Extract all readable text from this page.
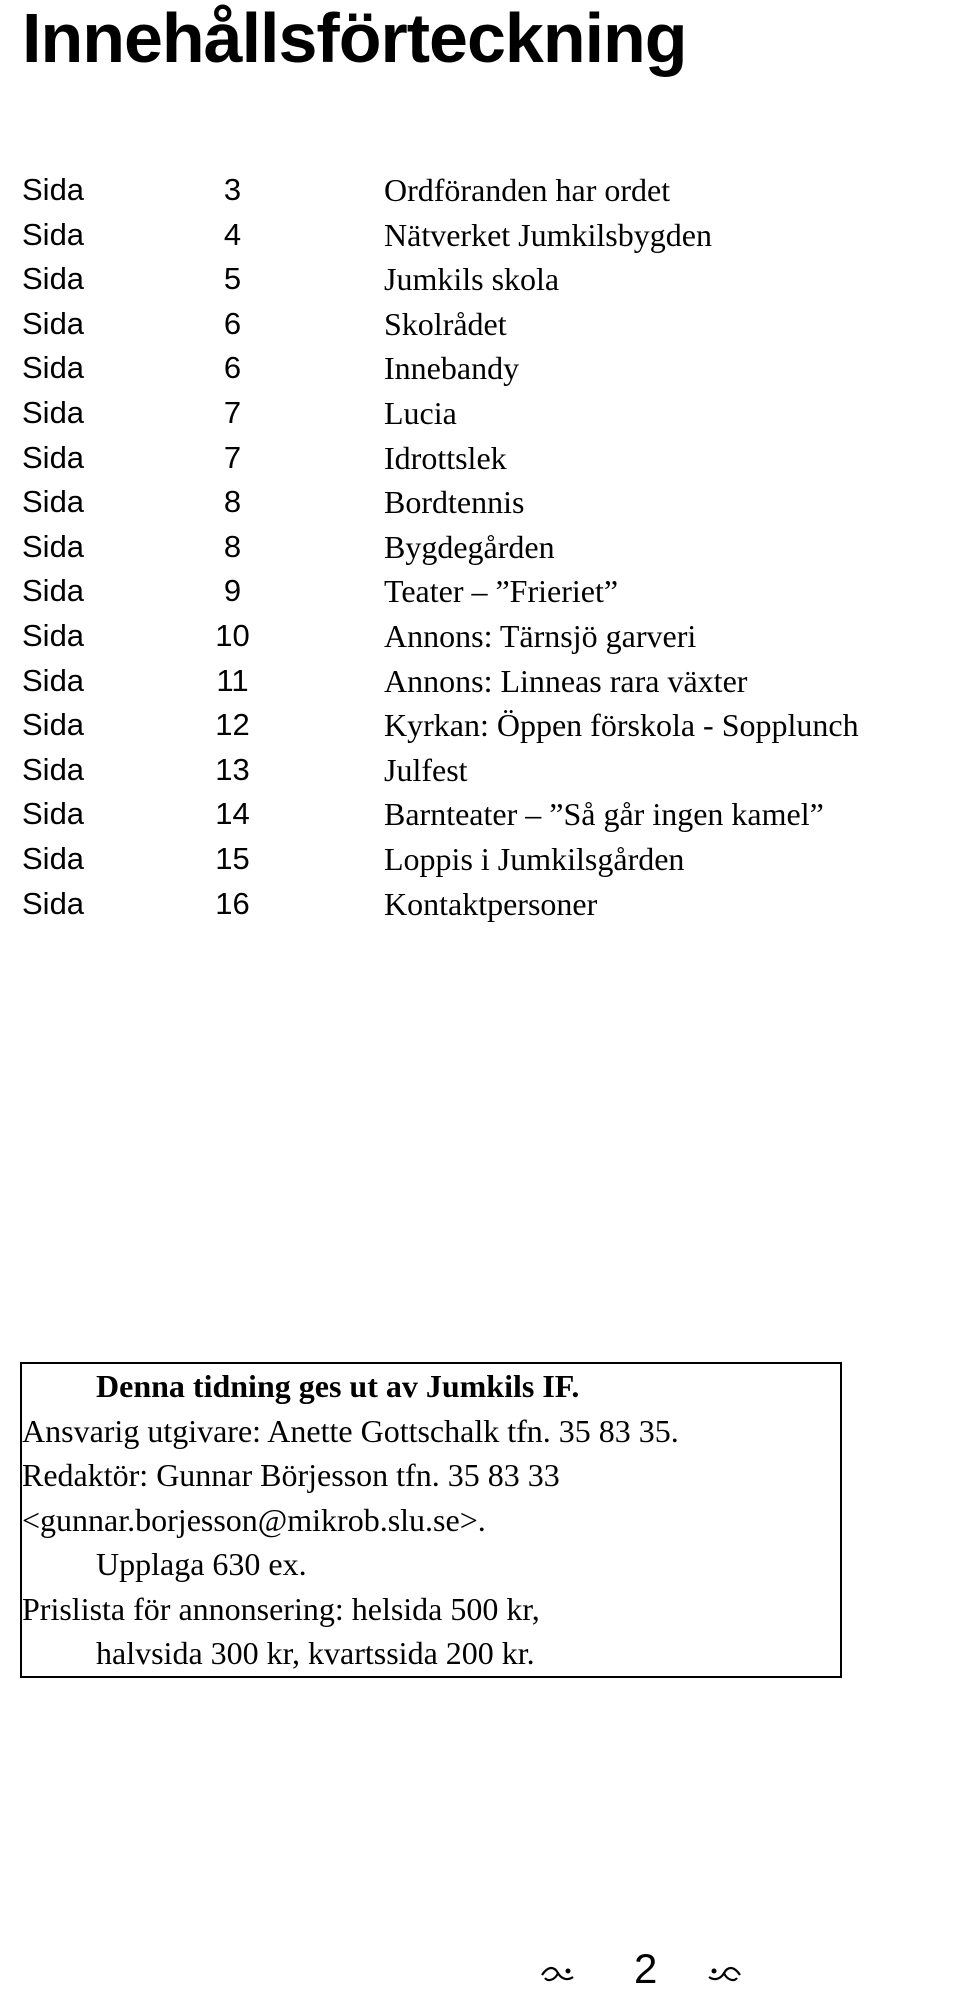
Innehållsförteckning
Sida	3	Ordföranden har ordet
Sida	4	Nätverket Jumkilsbygden
Sida	5	Jumkils skola
Sida	6	Skolrådet
Sida	6	Innebandy
Sida	7	Lucia
Sida	7	Idrottslek
Sida	8	Bordtennis
Sida	8	Bygdegården
Sida	9	Teater – ”Frieriet”
Sida	10	Annons: Tärnsjö garveri
Sida	11	Annons: Linneas rara växter
Sida	12	Kyrkan: Öppen förskola - Sopplunch
Sida	13	Julfest
Sida	14	Barnteater – ”Så går ingen kamel”
Sida	15	Loppis i Jumkilsgården
Sida	16	Kontaktpersoner
Denna tidning ges ut av Jumkils IF.
Ansvarig utgivare: Anette Gottschalk tfn. 35 83 35.
Redaktör: Gunnar Börjesson tfn. 35 83 33
<gunnar.borjesson@mikrob.slu.se>.
Upplaga 630 ex.
Prislista för annonsering: helsida 500 kr,
halvsida 300 kr, kvartssida 200 kr.
2
